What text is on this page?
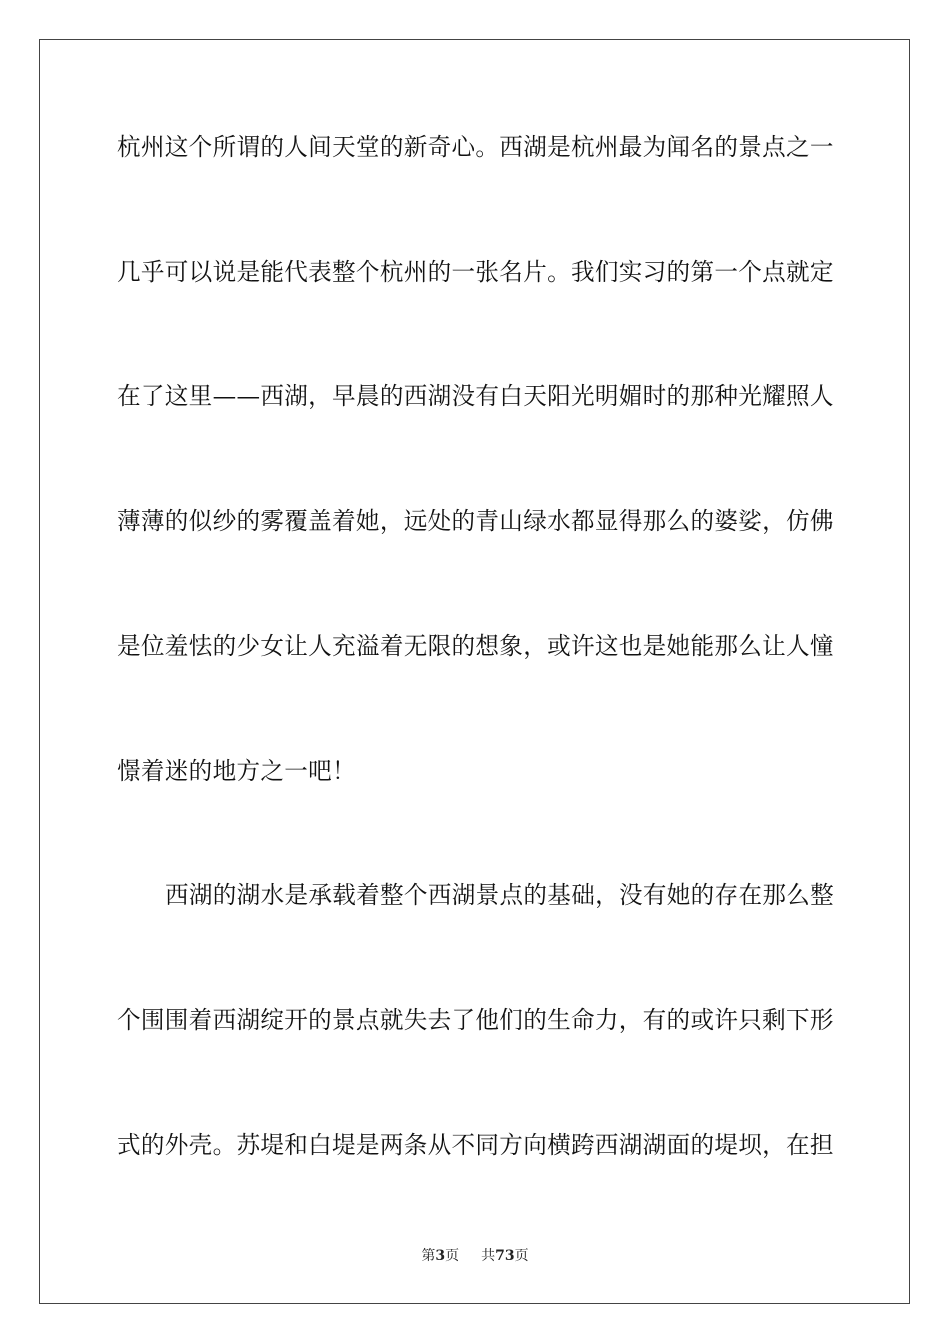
杭州这个所谓的人间天堂的新奇心。西湖是杭州最为闻名的景点之一
几乎可以说是能代表整个杭州的一张名片。我们实习的第一个点就定
在了这里——西湖，早晨的西湖没有白天阳光明媚时的那种光耀照人
薄薄的似纱的雾覆盖着她，远处的青山绿水都显得那么的婆娑，仿佛
是位羞怯的少女让人充溢着无限的想象，或许这也是她能那么让人憧
憬着迷的地方之一吧！
西湖的湖水是承载着整个西湖景点的基础，没有她的存在那么整
个围围着西湖绽开的景点就失去了他们的生命力，有的或许只剩下形
式的外壳。苏堤和白堤是两条从不同方向横跨西湖湖面的堤坝，在担
第3页 共73页
